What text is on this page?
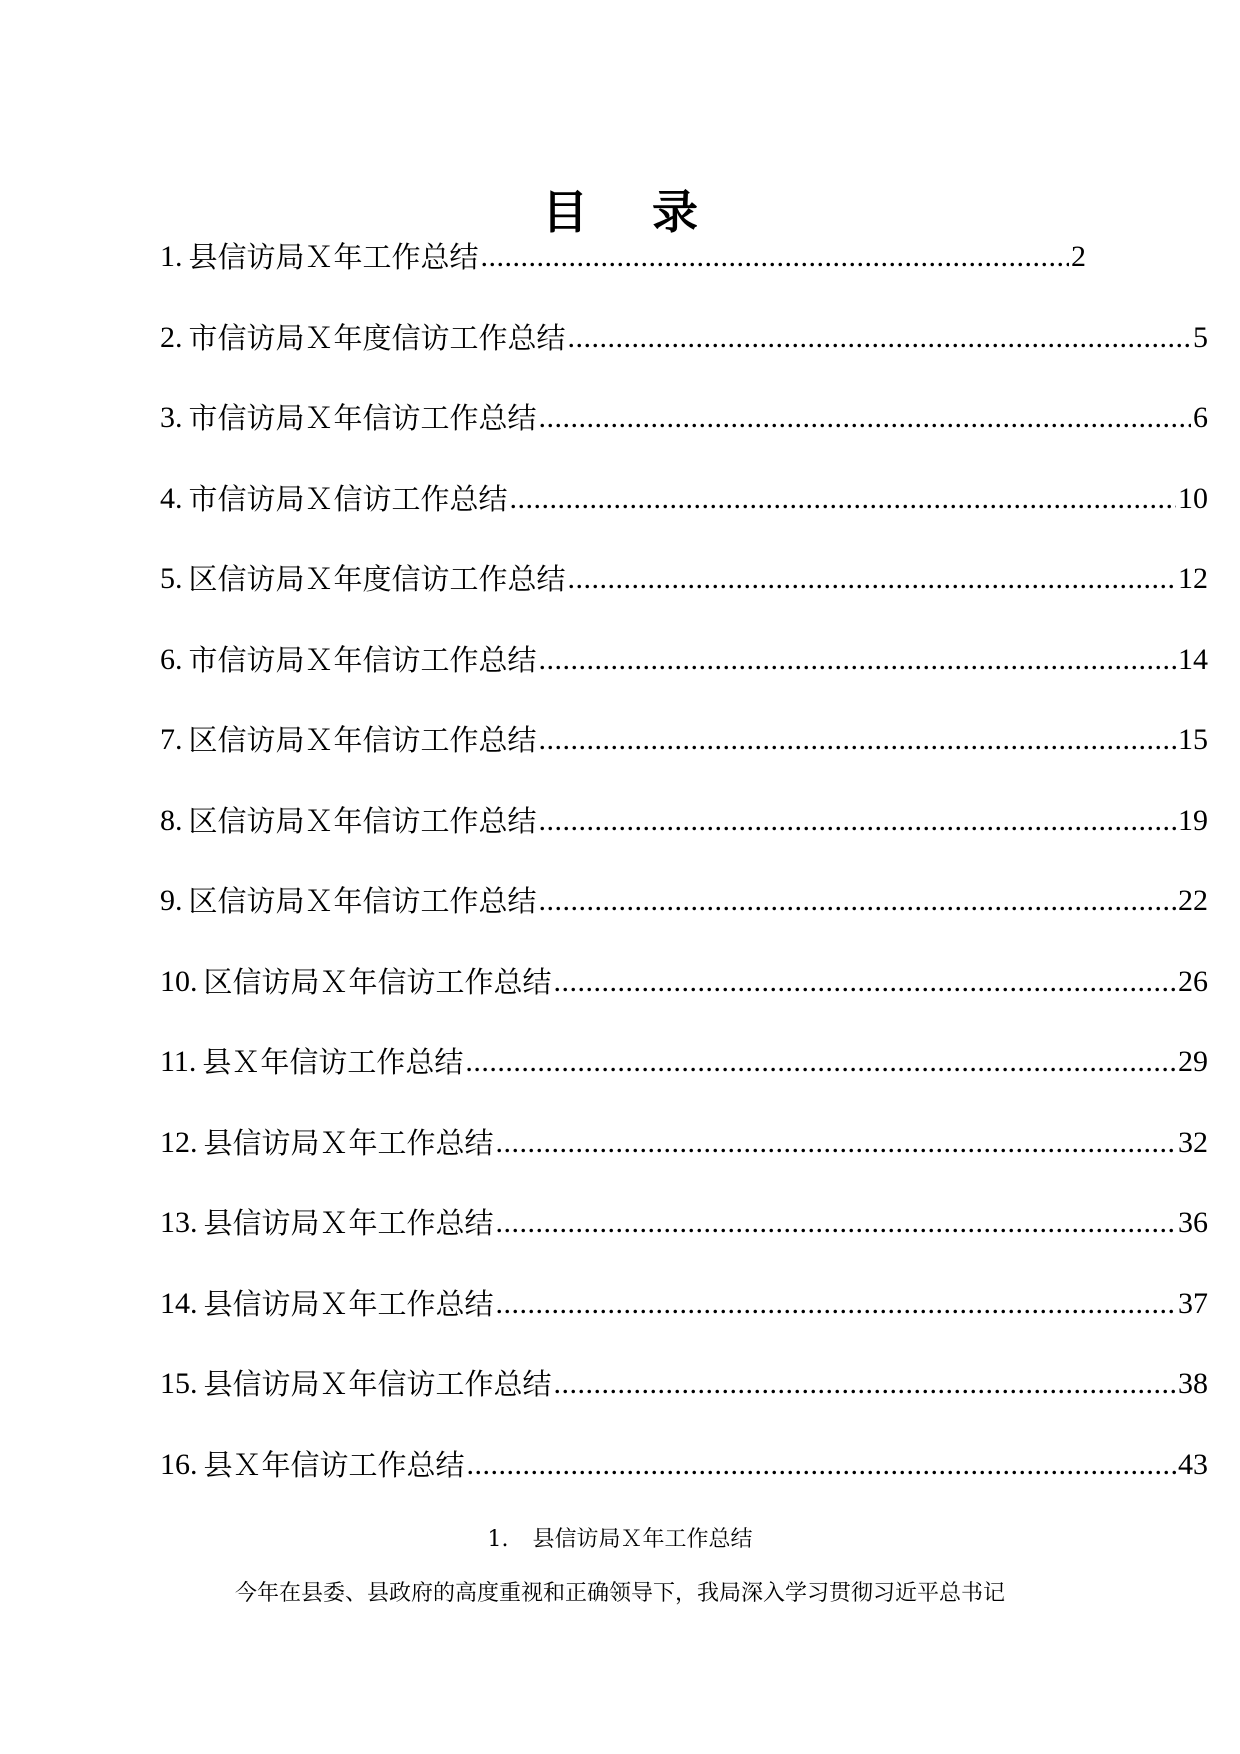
目 录
1. 县信访局Ｘ年工作总结 .....	2
2. 市信访局Ｘ年度信访工作总结 .....	5
3. 市信访局Ｘ年信访工作总结 .....	6
4. 市信访局Ｘ信访工作总结 .....	10
5. 区信访局Ｘ年度信访工作总结 .....	12
6. 市信访局Ｘ年信访工作总结 .....	14
7. 区信访局Ｘ年信访工作总结 .....	15
8. 区信访局Ｘ年信访工作总结 .....	19
9. 区信访局Ｘ年信访工作总结 .....	22
10. 区信访局Ｘ年信访工作总结 .....	26
11. 县Ｘ年信访工作总结 .....	29
12. 县信访局Ｘ年工作总结 .....	32
13. 县信访局Ｘ年工作总结 .....	36
14. 县信访局Ｘ年工作总结 .....	37
15. 县信访局Ｘ年信访工作总结 .....	38
16. 县Ｘ年信访工作总结 .....	43
1. 县信访局Ｘ年工作总结

今年在县委、县政府的高度重视和正确领导下，我局深入学习贯彻习近平总书记
